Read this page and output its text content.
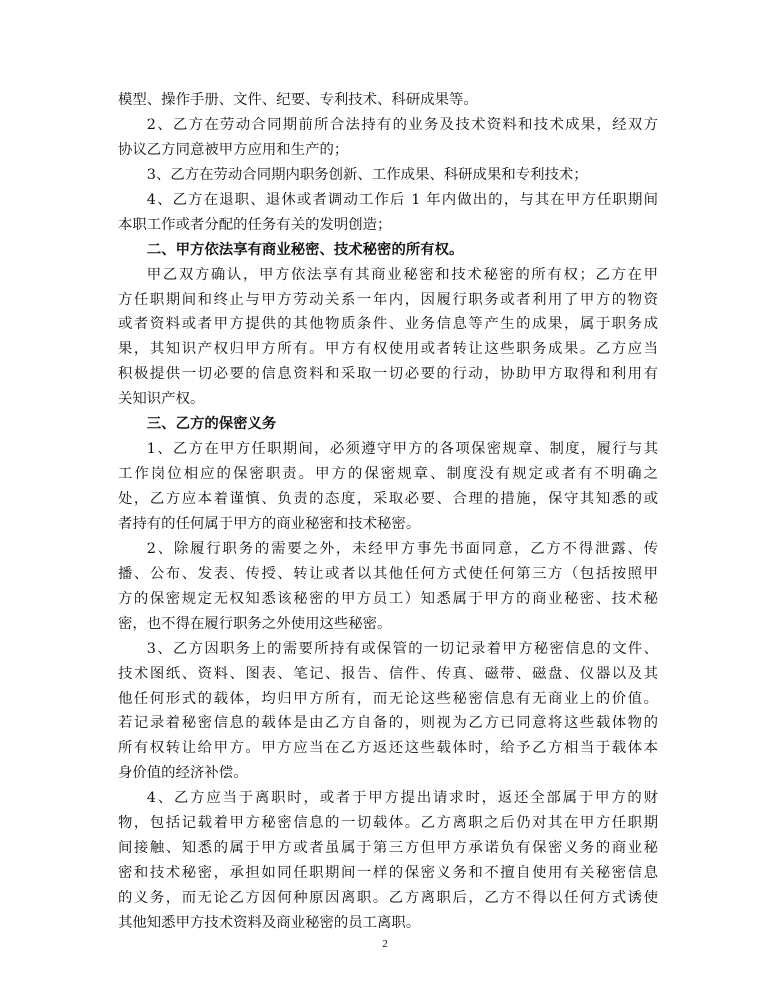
模型、操作手册、文件、纪要、专利技术、科研成果等。
2、乙方在劳动合同期前所合法持有的业务及技术资料和技术成果，经双方
协议乙方同意被甲方应用和生产的；
3、乙方在劳动合同期内职务创新、工作成果、科研成果和专利技术；
4、乙方在退职、退休或者调动工作后 1 年内做出的，与其在甲方任职期间
本职工作或者分配的任务有关的发明创造；
二、甲方依法享有商业秘密、技术秘密的所有权。
甲乙双方确认，甲方依法享有其商业秘密和技术秘密的所有权；乙方在甲
方任职期间和终止与甲方劳动关系一年内，因履行职务或者利用了甲方的物资
或者资料或者甲方提供的其他物质条件、业务信息等产生的成果，属于职务成
果，其知识产权归甲方所有。甲方有权使用或者转让这些职务成果。乙方应当
积极提供一切必要的信息资料和采取一切必要的行动，协助甲方取得和利用有
关知识产权。
三、乙方的保密义务
1、乙方在甲方任职期间，必须遵守甲方的各项保密规章、制度，履行与其
工作岗位相应的保密职责。甲方的保密规章、制度没有规定或者有不明确之
处，乙方应本着谨慎、负责的态度，采取必要、合理的措施，保守其知悉的或
者持有的任何属于甲方的商业秘密和技术秘密。
2、除履行职务的需要之外，未经甲方事先书面同意，乙方不得泄露、传
播、公布、发表、传授、转让或者以其他任何方式使任何第三方（包括按照甲
方的保密规定无权知悉该秘密的甲方员工）知悉属于甲方的商业秘密、技术秘
密，也不得在履行职务之外使用这些秘密。
3、乙方因职务上的需要所持有或保管的一切记录着甲方秘密信息的文件、
技术图纸、资料、图表、笔记、报告、信件、传真、磁带、磁盘、仪器以及其
他任何形式的载体，均归甲方所有，而无论这些秘密信息有无商业上的价值。
若记录着秘密信息的载体是由乙方自备的，则视为乙方已同意将这些载体物的
所有权转让给甲方。甲方应当在乙方返还这些载体时，给予乙方相当于载体本
身价值的经济补偿。
4、乙方应当于离职时，或者于甲方提出请求时，返还全部属于甲方的财
物，包括记载着甲方秘密信息的一切载体。乙方离职之后仍对其在甲方任职期
间接触、知悉的属于甲方或者虽属于第三方但甲方承诺负有保密义务的商业秘
密和技术秘密，承担如同任职期间一样的保密义务和不擅自使用有关秘密信息
的义务，而无论乙方因何种原因离职。乙方离职后，乙方不得以任何方式诱使
其他知悉甲方技术资料及商业秘密的员工离职。
2
